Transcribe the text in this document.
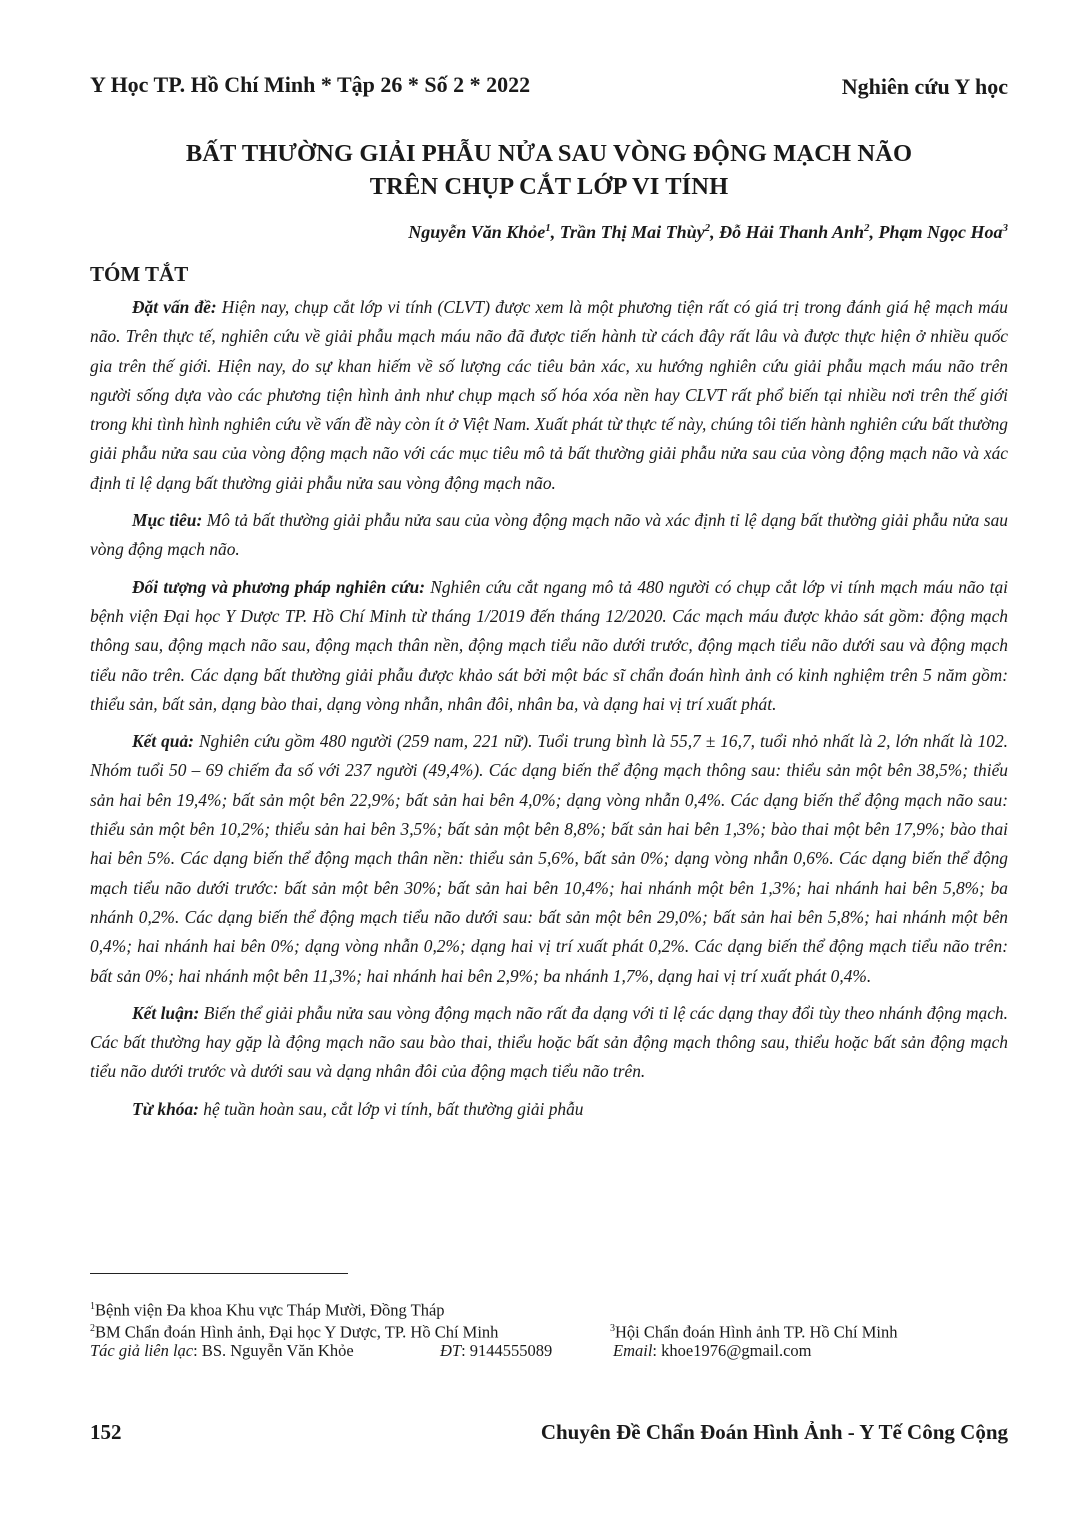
Y Học TP. Hồ Chí Minh * Tập 26 * Số 2 * 2022	Nghiên cứu Y học
BẤT THƯỜNG GIẢI PHẪU NỬA SAU VÒNG ĐỘNG MẠCH NÃO
TRÊN CHỤP CẮT LỚP VI TÍNH
Nguyễn Văn Khỏe$^1$, Trần Thị Mai Thùy$^2$, Đỗ Hải Thanh Anh$^2$, Phạm Ngọc Hoa$^3$
TÓM TẮT

Đặt vấn đề: Hiện nay, chụp cắt lớp vi tính (CLVT) được xem là một phương tiện rất có giá trị trong đánh giá hệ mạch máu não. Trên thực tế, nghiên cứu về giải phẫu mạch máu não đã được tiến hành từ cách đây rất lâu và được thực hiện ở nhiều quốc gia trên thế giới. Hiện nay, do sự khan hiếm về số lượng các tiêu bản xác, xu hướng nghiên cứu giải phẫu mạch máu não trên người sống dựa vào các phương tiện hình ảnh như chụp mạch số hóa xóa nền hay CLVT rất phổ biến tại nhiều nơi trên thế giới trong khi tình hình nghiên cứu về vấn đề này còn ít ở Việt Nam. Xuất phát từ thực tế này, chúng tôi tiến hành nghiên cứu bất thường giải phẫu nửa sau của vòng động mạch não với các mục tiêu mô tả bất thường giải phẫu nửa sau của vòng động mạch não và xác định tỉ lệ dạng bất thường giải phẫu nửa sau vòng động mạch não.

Mục tiêu: Mô tả bất thường giải phẫu nửa sau của vòng động mạch não và xác định tỉ lệ dạng bất thường giải phẫu nửa sau vòng động mạch não.

Đối tượng và phương pháp nghiên cứu: Nghiên cứu cắt ngang mô tả 480 người có chụp cắt lớp vi tính mạch máu não tại bệnh viện Đại học Y Dược TP. Hồ Chí Minh từ tháng 1/2019 đến tháng 12/2020. Các mạch máu được khảo sát gồm: động mạch thông sau, động mạch não sau, động mạch thân nền, động mạch tiểu não dưới trước, động mạch tiểu não dưới sau và động mạch tiểu não trên. Các dạng bất thường giải phẫu được khảo sát bởi một bác sĩ chẩn đoán hình ảnh có kinh nghiệm trên 5 năm gồm: thiểu sản, bất sản, dạng bào thai, dạng vòng nhẫn, nhân đôi, nhân ba, và dạng hai vị trí xuất phát.

Kết quả: Nghiên cứu gồm 480 người (259 nam, 221 nữ). Tuổi trung bình là 55,7 ± 16,7, tuổi nhỏ nhất là 2, lớn nhất là 102. Nhóm tuổi 50 – 69 chiếm đa số với 237 người (49,4%). Các dạng biến thể động mạch thông sau: thiểu sản một bên 38,5%; thiểu sản hai bên 19,4%; bất sản một bên 22,9%; bất sản hai bên 4,0%; dạng vòng nhẫn 0,4%. Các dạng biến thể động mạch não sau: thiểu sản một bên 10,2%; thiểu sản hai bên 3,5%; bất sản một bên 8,8%; bất sản hai bên 1,3%; bào thai một bên 17,9%; bào thai hai bên 5%. Các dạng biến thể động mạch thân nền: thiểu sản 5,6%, bất sản 0%; dạng vòng nhẫn 0,6%. Các dạng biến thể động mạch tiểu não dưới trước: bất sản một bên 30%; bất sản hai bên 10,4%; hai nhánh một bên 1,3%; hai nhánh hai bên 5,8%; ba nhánh 0,2%. Các dạng biến thể động mạch tiểu não dưới sau: bất sản một bên 29,0%; bất sản hai bên 5,8%; hai nhánh một bên 0,4%; hai nhánh hai bên 0%; dạng vòng nhẫn 0,2%; dạng hai vị trí xuất phát 0,2%. Các dạng biến thể động mạch tiểu não trên: bất sản 0%; hai nhánh một bên 11,3%; hai nhánh hai bên 2,9%; ba nhánh 1,7%, dạng hai vị trí xuất phát 0,4%.

Kết luận: Biến thể giải phẫu nửa sau vòng động mạch não rất đa dạng với tỉ lệ các dạng thay đổi tùy theo nhánh động mạch. Các bất thường hay gặp là động mạch não sau bào thai, thiểu hoặc bất sản động mạch thông sau, thiểu hoặc bất sản động mạch tiểu não dưới trước và dưới sau và dạng nhân đôi của động mạch tiểu não trên.

Từ khóa: hệ tuần hoàn sau, cắt lớp vi tính, bất thường giải phẫu

$^1$Bệnh viện Đa khoa Khu vực Tháp Mười, Đồng Tháp
$^2$BM Chẩn đoán Hình ảnh, Đại học Y Dược, TP. Hồ Chí Minh	$^3$Hội Chẩn đoán Hình ảnh TP. Hồ Chí Minh
Tác giả liên lạc: BS. Nguyễn Văn Khỏe	ĐT: 9144555089	Email: khoe1976@gmail.com
152	Chuyên Đề Chẩn Đoán Hình Ảnh - Y Tế Công Cộng
